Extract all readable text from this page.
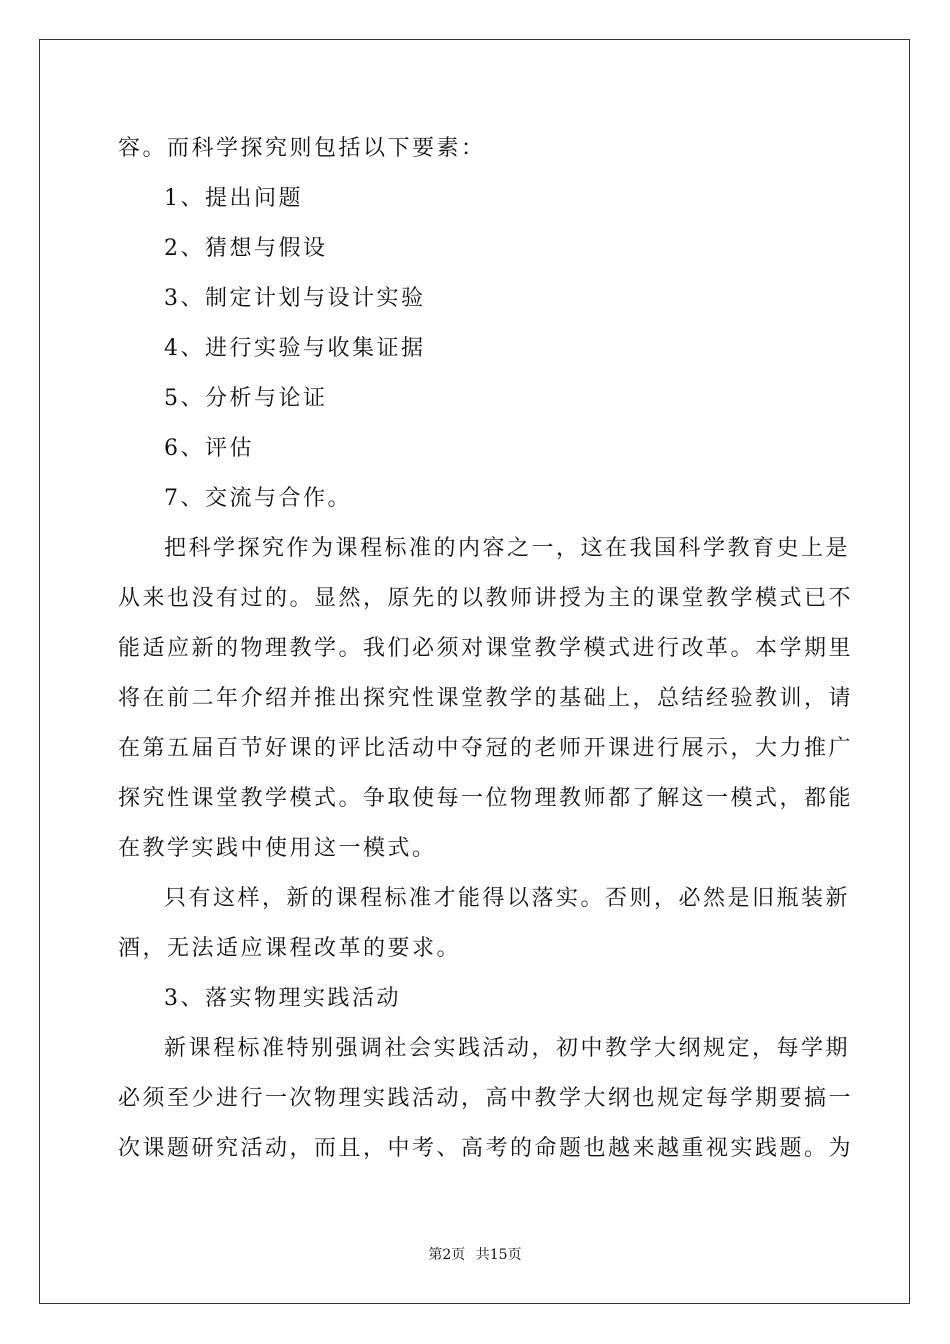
容。而科学探究则包括以下要素：
1、提出问题
2、猜想与假设
3、制定计划与设计实验
4、进行实验与收集证据
5、分析与论证
6、评估
7、交流与合作。
把科学探究作为课程标准的内容之一，这在我国科学教育史上是
从来也没有过的。显然，原先的以教师讲授为主的课堂教学模式已不
能适应新的物理教学。我们必须对课堂教学模式进行改革。本学期里
将在前二年介绍并推出探究性课堂教学的基础上，总结经验教训，请
在第五届百节好课的评比活动中夺冠的老师开课进行展示，大力推广
探究性课堂教学模式。争取使每一位物理教师都了解这一模式，都能
在教学实践中使用这一模式。
只有这样，新的课程标准才能得以落实。否则，必然是旧瓶装新
酒，无法适应课程改革的要求。
3、落实物理实践活动
新课程标准特别强调社会实践活动，初中教学大纲规定，每学期
必须至少进行一次物理实践活动，高中教学大纲也规定每学期要搞一
次课题研究活动，而且，中考、高考的命题也越来越重视实践题。为
第2页 共15页
